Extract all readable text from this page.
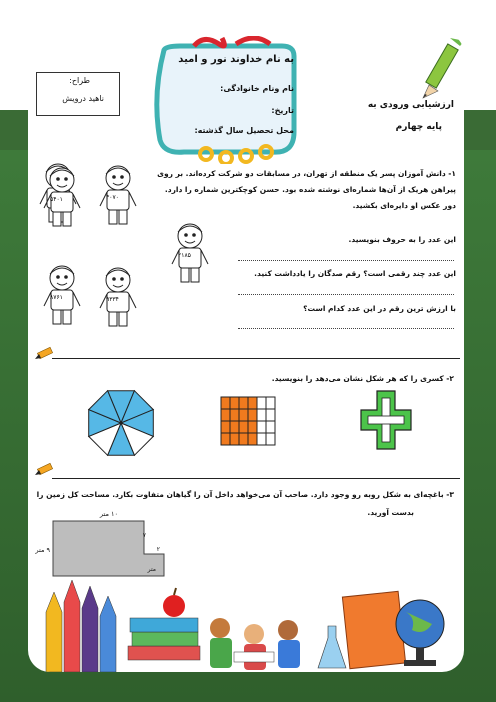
به نام خداوند نور و امید
نام ونام خانوادگی:
تاریخ:
محل تحصیل سال گذشته:
طراح:
ناهید درویش
ارزشیابی ورودی به
پایه چهارم
۵۴۰۱	۳۰۷۰
۲۱۸۵
۸۷۶۱	۹۳۳۴
۱- دانش آموزان پسر یک منطقه از تهران، در مسابقات دو شرکت کرده‌اند. بر روی
پیراهن هریک از آن‌ها شماره‌ای نوشته شده بود. حسن کوچکترین شماره را دارد.
دور عکس او دایره‌ای بکشید.
این عدد را به حروف بنویسید.
این عدد چند رقمی است؟ رقم صدگان را یادداشت کنید.
با ارزش ترین رقم در این عدد کدام است؟
۲- کسری را که هر شکل نشان می‌دهد را بنویسید.
۳- باغچه‌ای به شکل روبه رو وجود دارد. صاحب آن می‌خواهد داخل آن را گیاهان متفاوت بکارد. مساحت کل زمین را
بدست آورید.
۱۰ متر
۹ متر
۷
۲
متر
